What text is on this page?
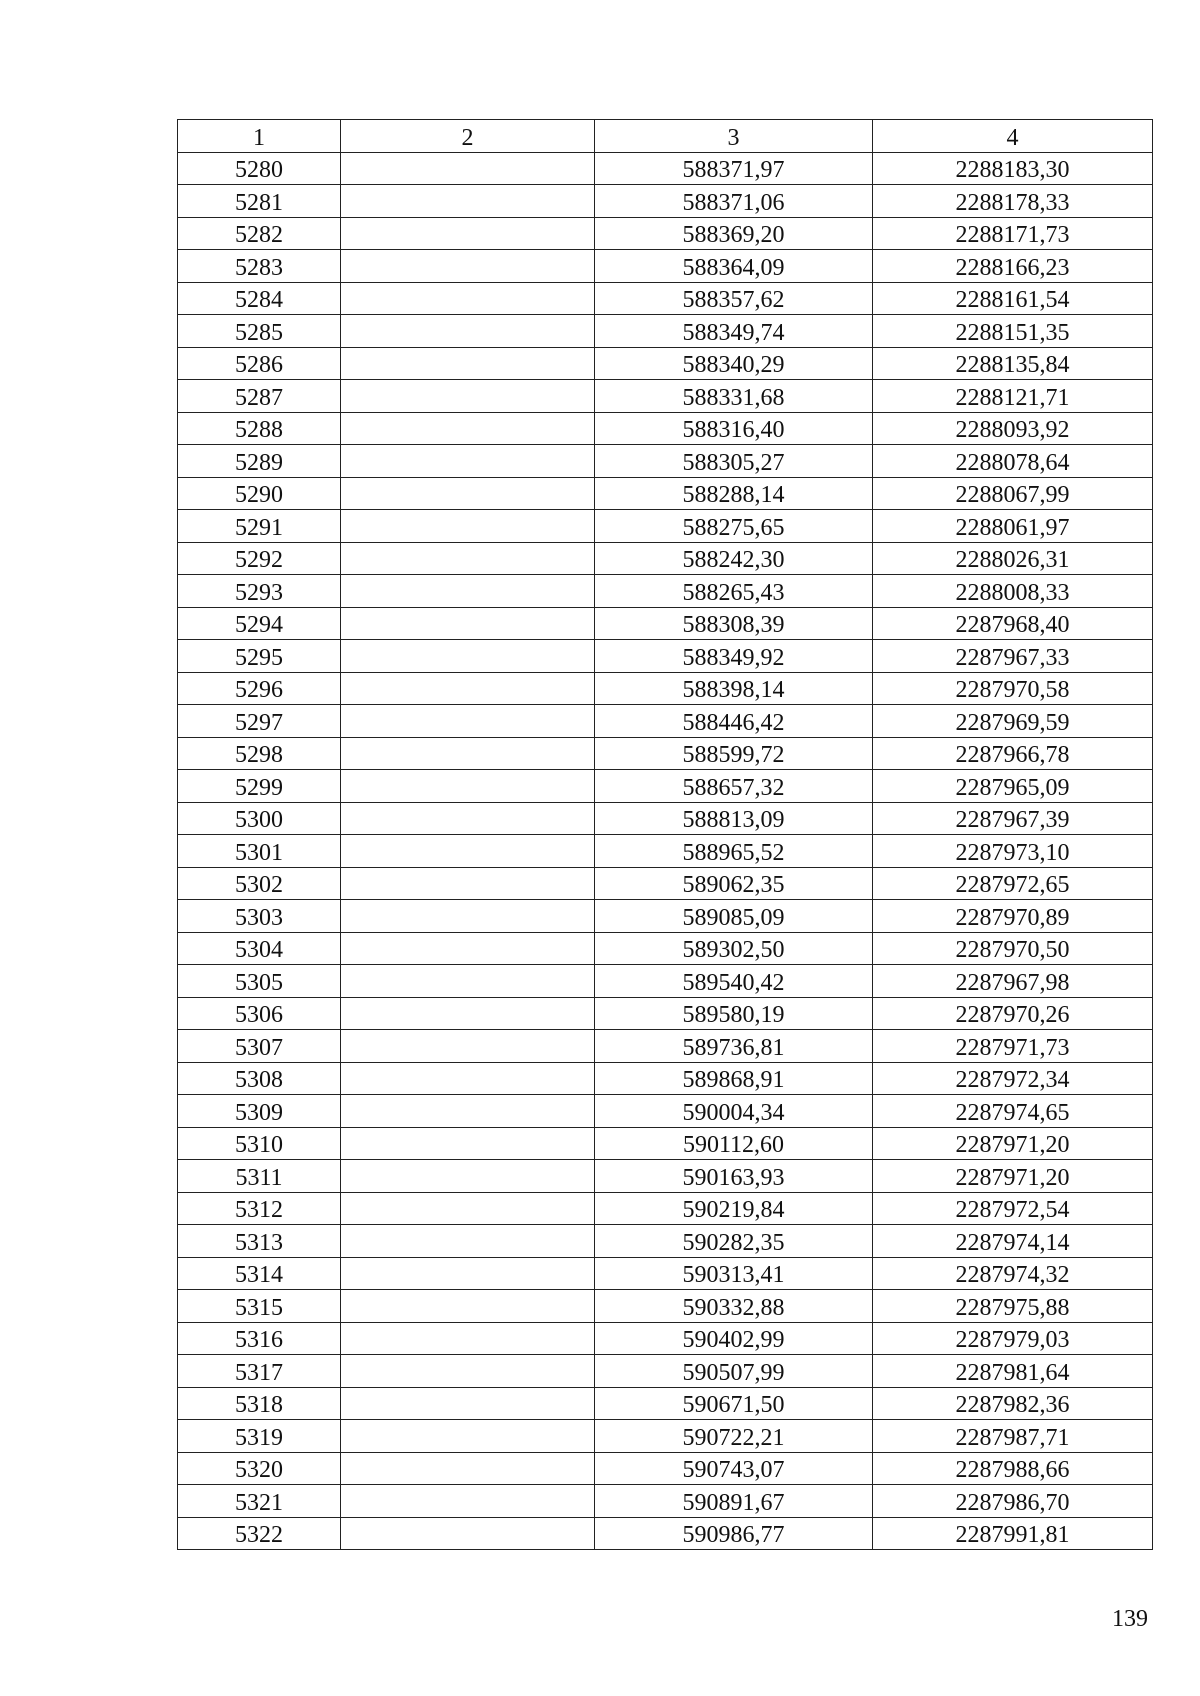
1	2	3	4
5280		588371,97	2288183,30
5281		588371,06	2288178,33
5282		588369,20	2288171,73
5283		588364,09	2288166,23
5284		588357,62	2288161,54
5285		588349,74	2288151,35
5286		588340,29	2288135,84
5287		588331,68	2288121,71
5288		588316,40	2288093,92
5289		588305,27	2288078,64
5290		588288,14	2288067,99
5291		588275,65	2288061,97
5292		588242,30	2288026,31
5293		588265,43	2288008,33
5294		588308,39	2287968,40
5295		588349,92	2287967,33
5296		588398,14	2287970,58
5297		588446,42	2287969,59
5298		588599,72	2287966,78
5299		588657,32	2287965,09
5300		588813,09	2287967,39
5301		588965,52	2287973,10
5302		589062,35	2287972,65
5303		589085,09	2287970,89
5304		589302,50	2287970,50
5305		589540,42	2287967,98
5306		589580,19	2287970,26
5307		589736,81	2287971,73
5308		589868,91	2287972,34
5309		590004,34	2287974,65
5310		590112,60	2287971,20
5311		590163,93	2287971,20
5312		590219,84	2287972,54
5313		590282,35	2287974,14
5314		590313,41	2287974,32
5315		590332,88	2287975,88
5316		590402,99	2287979,03
5317		590507,99	2287981,64
5318		590671,50	2287982,36
5319		590722,21	2287987,71
5320		590743,07	2287988,66
5321		590891,67	2287986,70
5322		590986,77	2287991,81
139
